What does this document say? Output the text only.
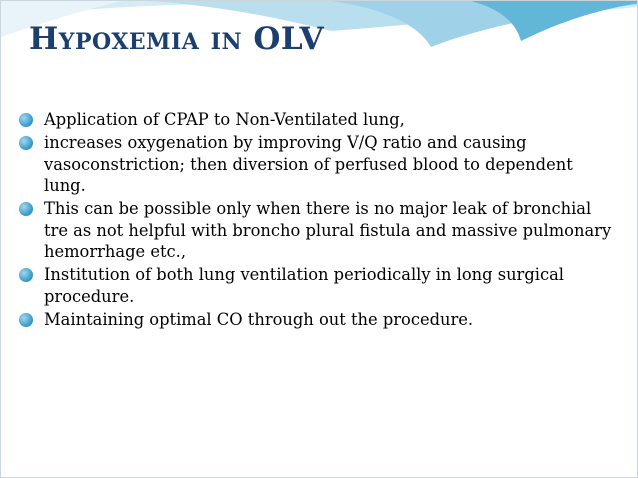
Hypoxemia in OLV
Application of CPAP to Non-Ventilated lung,
increases oxygenation by improving V/Q ratio and causing vasoconstriction; then diversion of perfused blood to dependent lung.
This can be possible only when there is no major leak of bronchial tre as not helpful with broncho plural fistula and massive pulmonary hemorrhage etc.,
Institution of both lung ventilation periodically in long surgical procedure.
Maintaining optimal CO through out the procedure.
